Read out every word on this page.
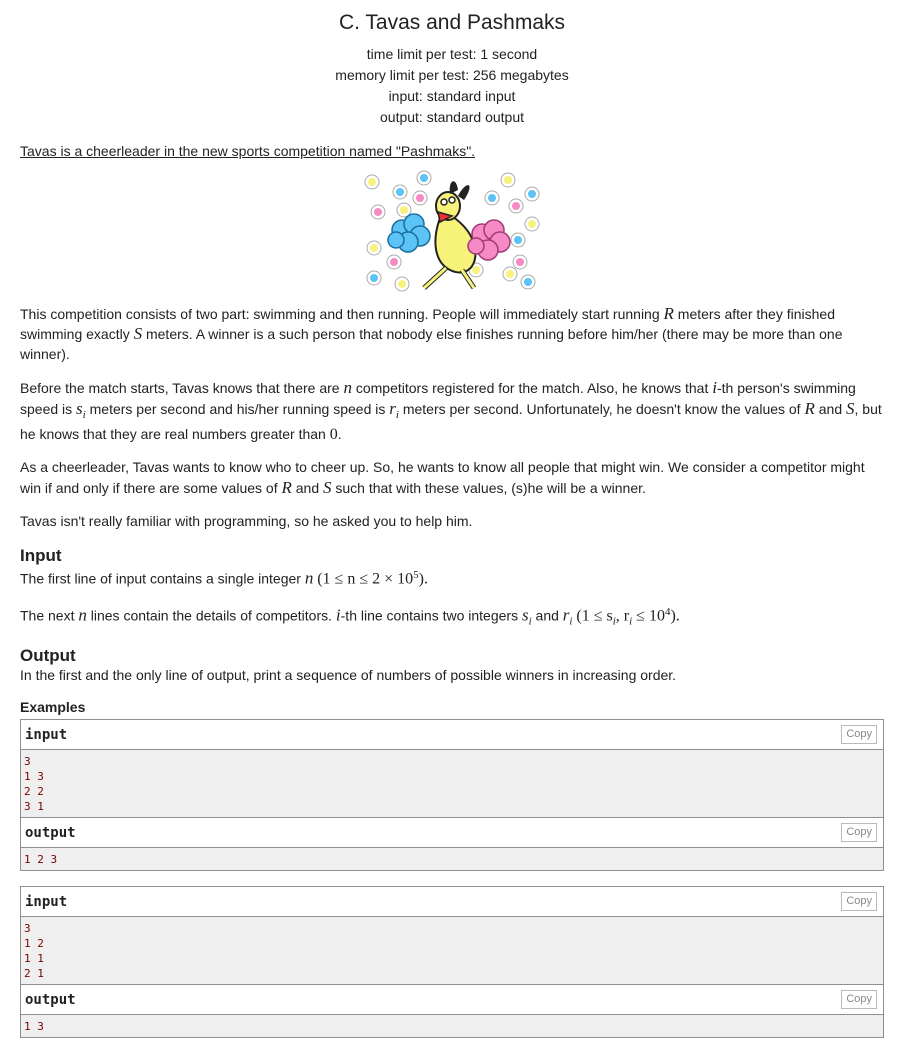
C. Tavas and Pashmaks
time limit per test: 1 second
memory limit per test: 256 megabytes
input: standard input
output: standard output

Tavas is a cheerleader in the new sports competition named "Pashmaks".

This competition consists of two part: swimming and then running. People will immediately start running R meters after they finished swimming exactly S meters. A winner is a such person that nobody else finishes running before him/her (there may be more than one winner).

Before the match starts, Tavas knows that there are n competitors registered for the match. Also, he knows that i-th person's swimming speed is $s_i$ meters per second and his/her running speed is $r_i$ meters per second. Unfortunately, he doesn't know the values of R and S, but he knows that they are real numbers greater than 0.

As a cheerleader, Tavas wants to know who to cheer up. So, he wants to know all people that might win. We consider a competitor might win if and only if there are some values of R and S such that with these values, (s)he will be a winner.

Tavas isn't really familiar with programming, so he asked you to help him.

Input

The first line of input contains a single integer n $(1 \le n \le 2 \times 10^5)$.

The next n lines contain the details of competitors. i-th line contains two integers $s_i$ and $r_i$ ($1 \le s_i$, $r_i \le 10^4$).

Output

In the first and the only line of output, print a sequence of numbers of possible winners in increasing order.

Examples
input	Copy
3
1 3
2 2
3 1
output	Copy
1 2 3
input	Copy
3
1 2
1 1
2 1
output	Copy
1 3
